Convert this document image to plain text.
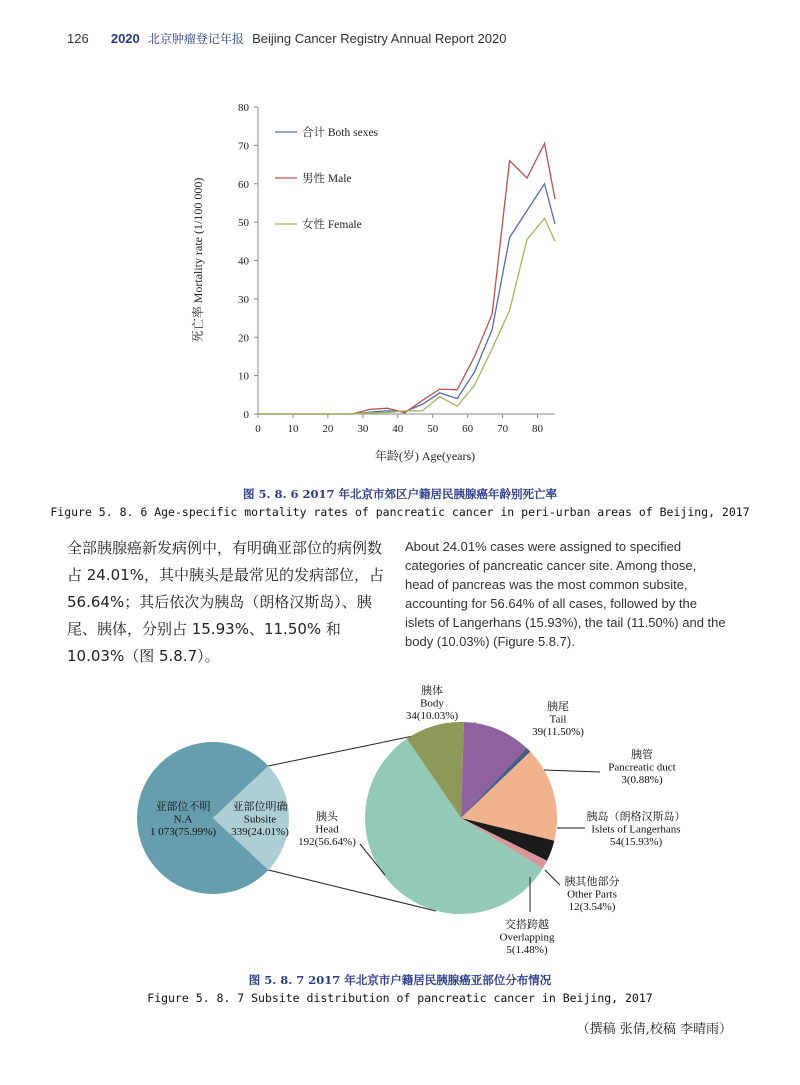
126 2020 北京肿瘤登记年报 Beijing Cancer Registry Annual Report 2020
0
10
20
30
40
50
60
70
80
0 10 20 30 40 50 60 70 80
合计 Both sexes
男性 Male
女性 Female
年龄(岁) Age(years)
死亡率 Mortality rate (1/100 000)
图 5. 8. 6 2017 年北京市郊区户籍居民胰腺癌年龄别死亡率
Figure 5. 8. 6 Age-specific mortality rates of pancreatic cancer in peri-urban areas of Beijing, 2017
全部胰腺癌新发病例中，有明确亚部位的病例数占 24.01%，其中胰头是最常见的发病部位，占 56.64%；其后依次为胰岛（朗格汉斯岛）、胰尾、胰体，分别占 15.93%、11.50% 和 10.03%（图 5.8.7）。
About 24.01% cases were assigned to specified categories of pancreatic cancer site. Among those, head of pancreas was the most common subsite, accounting for 56.64% of all cases, followed by the islets of Langerhans (15.93%), the tail (11.50%) and the body (10.03%) (Figure 5.8.7).
亚部位不明 N.A 1 073(75.99%)
亚部位明确 Subsite 339(24.01%)
胰体 Body 34(10.03%)
胰尾 Tail 39(11.50%)
胰管 Pancreatic duct 3(0.88%)
胰岛（朗格汉斯岛） Islets of Langerhans 54(15.93%)
胰其他部分 Other Parts 12(3.54%)
交搭跨越 Overlapping 5(1.48%)
胰头 Head 192(56.64%)
图 5. 8. 7 2017 年北京市户籍居民胰腺癌亚部位分布情况
Figure 5. 8. 7 Subsite distribution of pancreatic cancer in Beijing, 2017
（撰稿 张倩,校稿 李晴雨）
